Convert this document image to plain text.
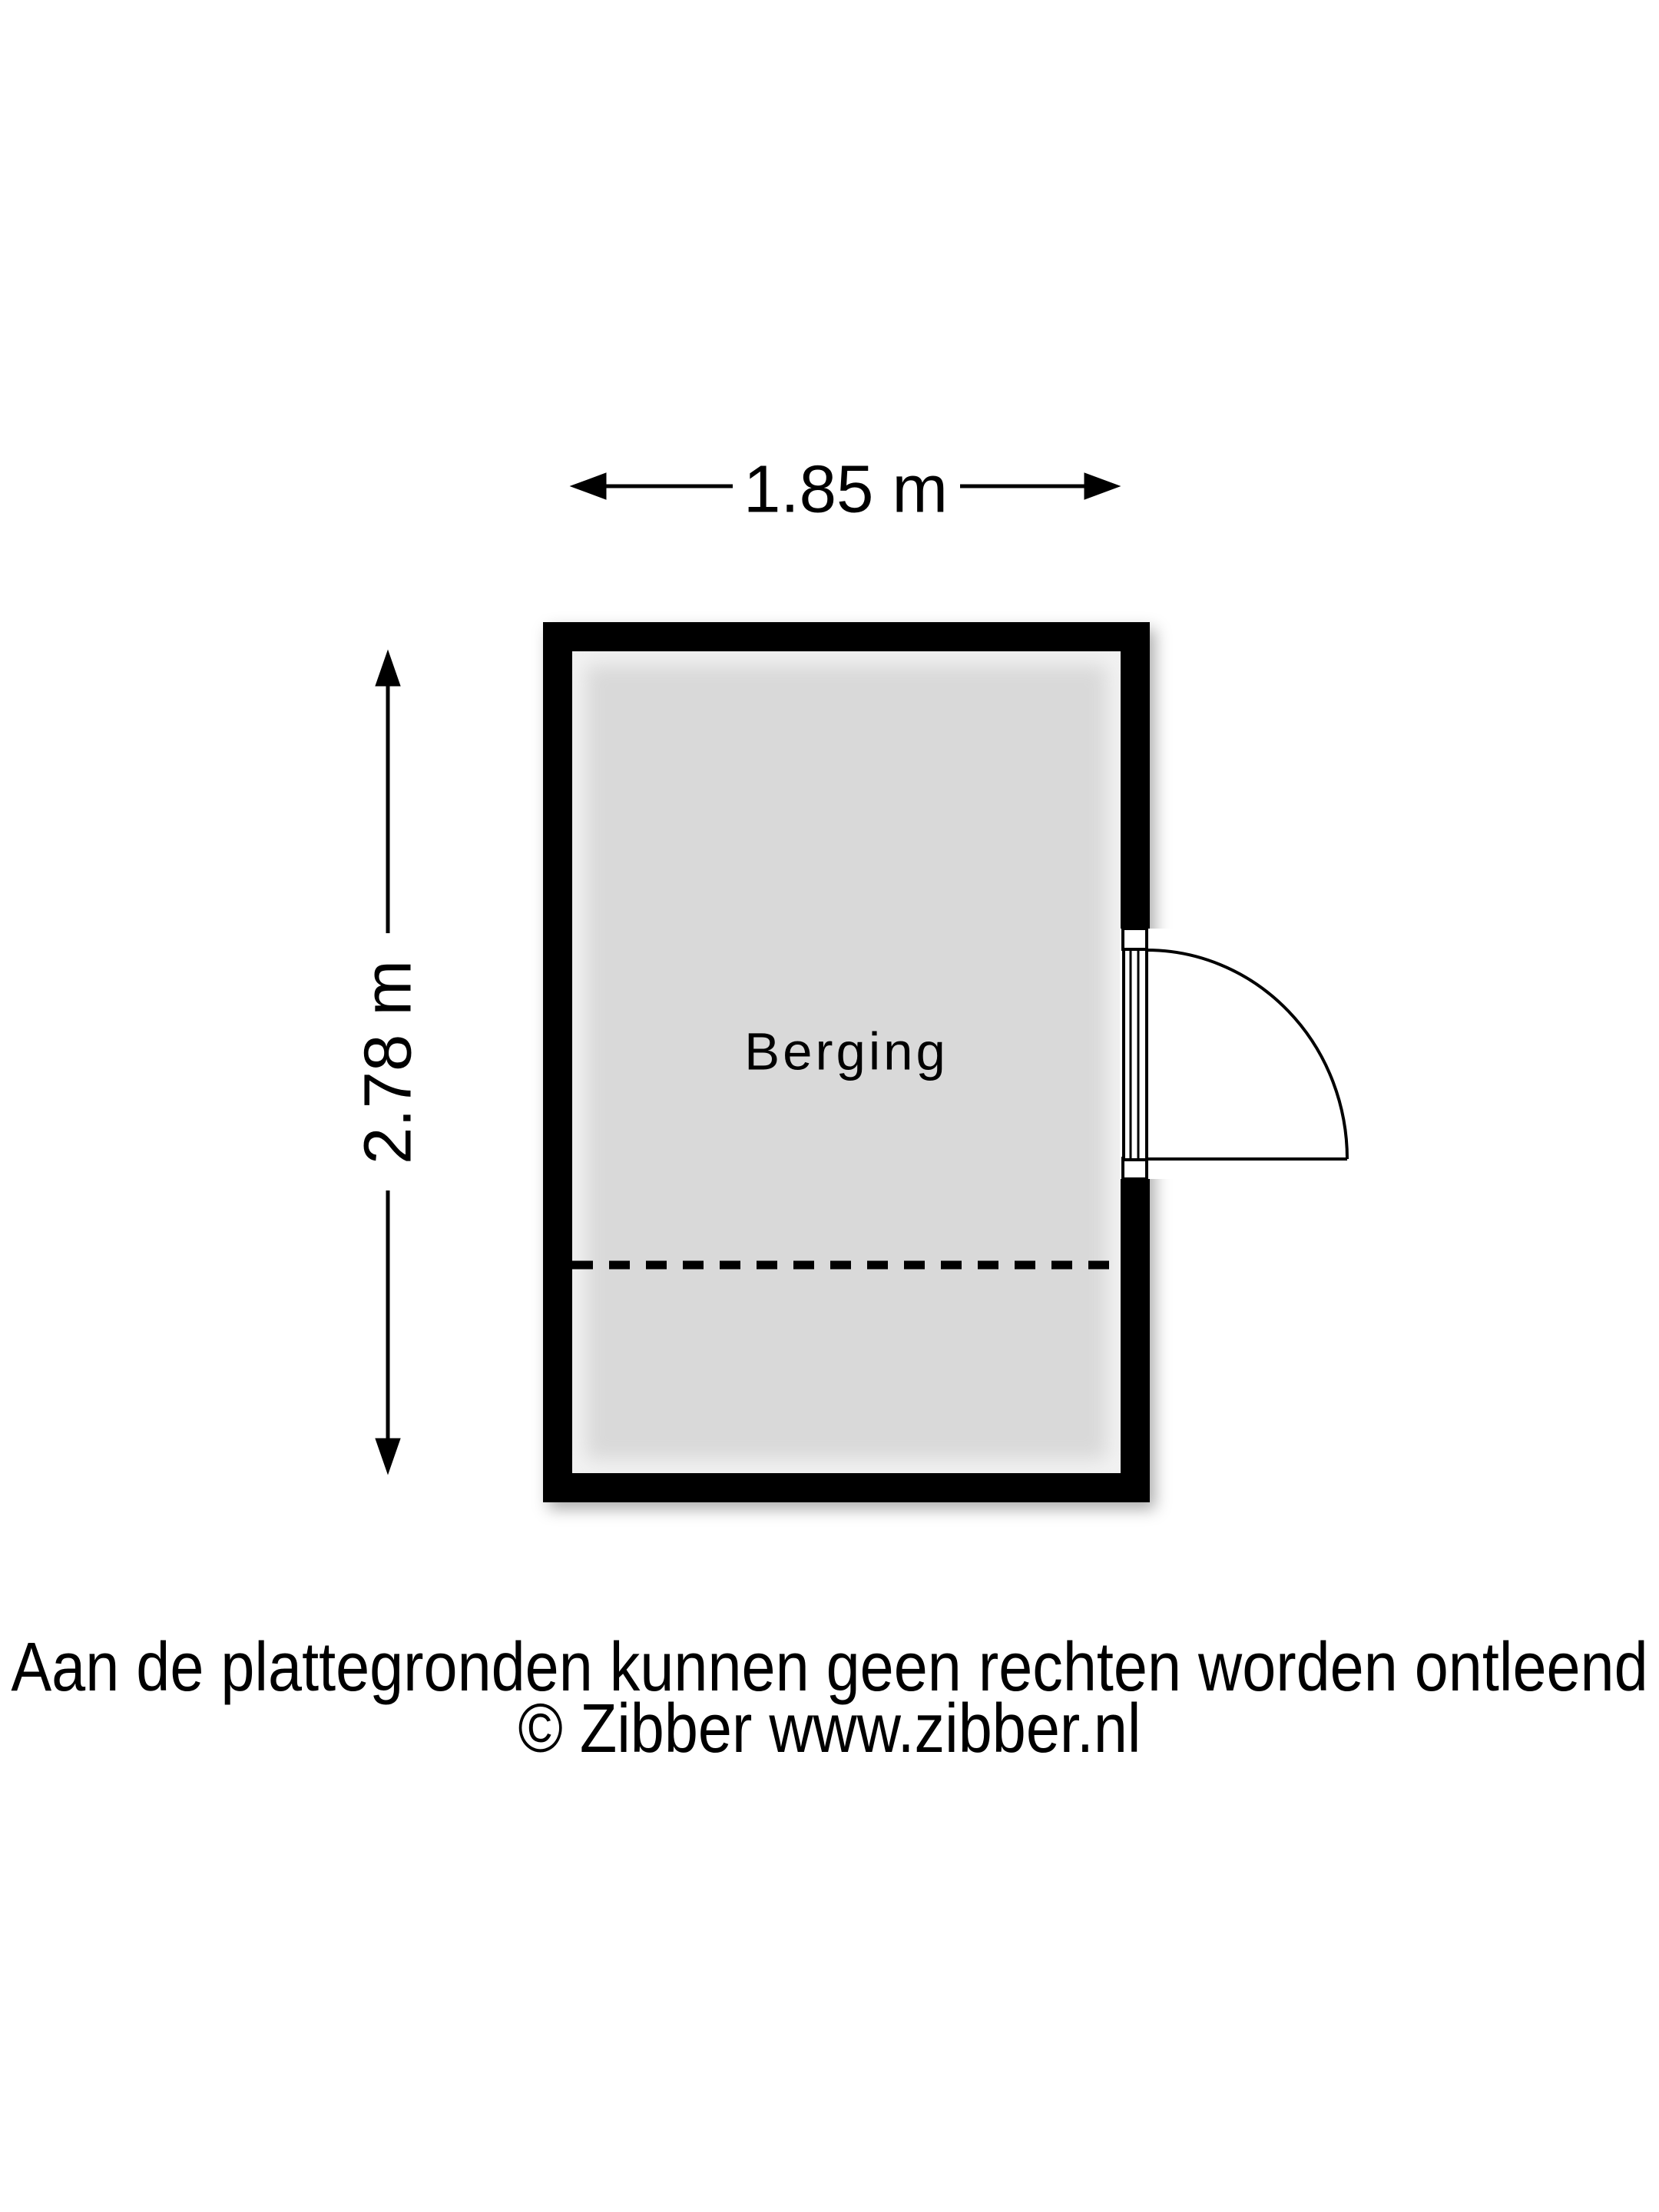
1.85 m
2.78 m	Berging
Aan de plattegronden kunnen geen rechten worden ontleend
© Zibber www.zibber.nl
